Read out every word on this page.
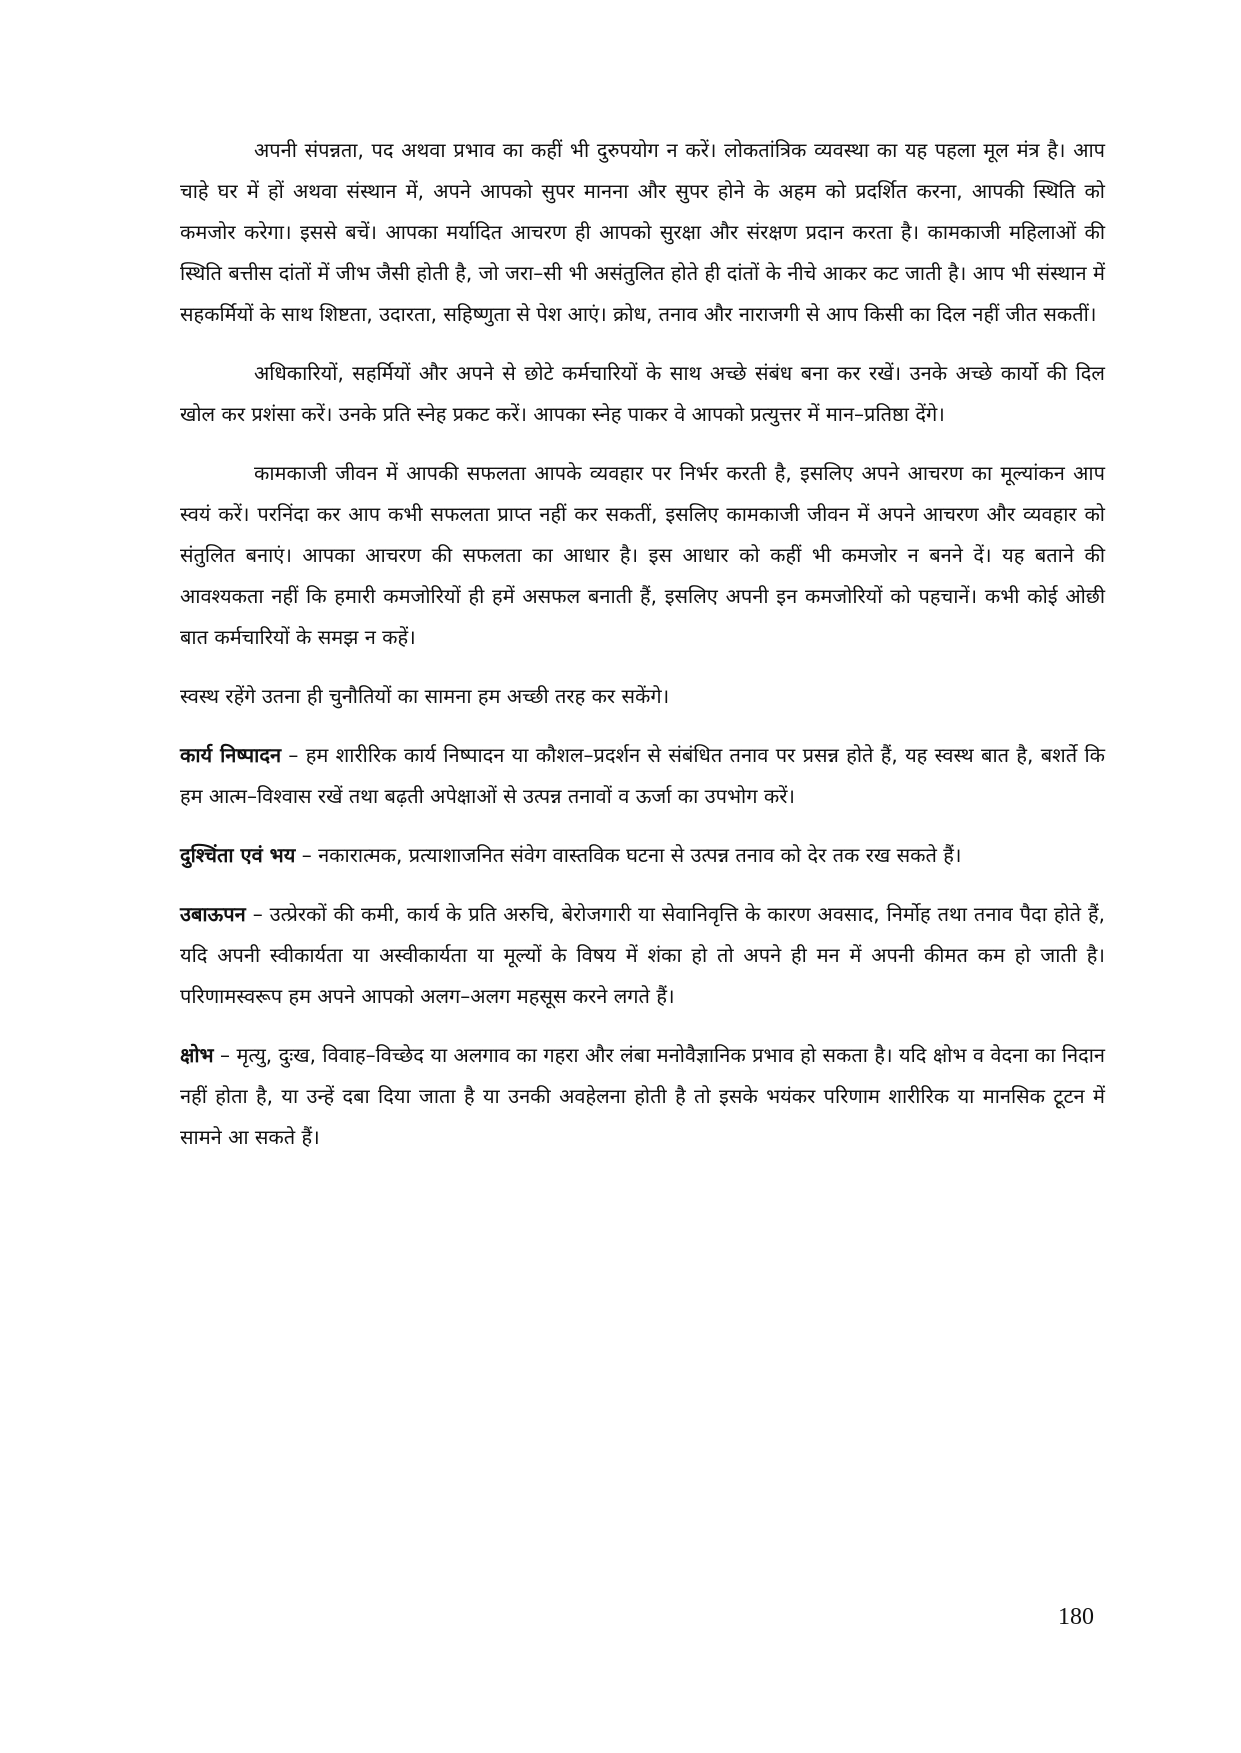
अपनी संपन्नता, पद अथवा प्रभाव का कहीं भी दुरुपयोग न करें। लोकतांत्रिक व्यवस्था का यह पहला मूल मंत्र है। आप चाहे घर में हों अथवा संस्थान में, अपने आपको सुपर मानना और सुपर होने के अहम को प्रदर्शित करना, आपकी स्थिति को कमजोर करेगा। इससे बचें। आपका मर्यादित आचरण ही आपको सुरक्षा और संरक्षण प्रदान करता है। कामकाजी महिलाओं की स्थिति बत्तीस दांतों में जीभ जैसी होती है, जो जरा–सी भी असंतुलित होते ही दांतों के नीचे आकर कट जाती है। आप भी संस्थान में सहकर्मियों के साथ शिष्टता, उदारता, सहिष्णुता से पेश आएं। क्रोध, तनाव और नाराजगी से आप किसी का दिल नहीं जीत सकतीं।

अधिकारियों, सहर्मियों और अपने से छोटे कर्मचारियों के साथ अच्छे संबंध बना कर रखें। उनके अच्छे कार्यो की दिल खोल कर प्रशंसा करें। उनके प्रति स्नेह प्रकट करें। आपका स्नेह पाकर वे आपको प्रत्युत्तर में मान–प्रतिष्ठा देंगे।

कामकाजी जीवन में आपकी सफलता आपके व्यवहार पर निर्भर करती है, इसलिए अपने आचरण का मूल्यांकन आप स्वयं करें। परनिंदा कर आप कभी सफलता प्राप्त नहीं कर सकतीं, इसलिए कामकाजी जीवन में अपने आचरण और व्यवहार को संतुलित बनाएं। आपका आचरण की सफलता का आधार है। इस आधार को कहीं भी कमजोर न बनने दें। यह बताने की आवश्यकता नहीं कि हमारी कमजोरियों ही हमें असफल बनाती हैं, इसलिए अपनी इन कमजोरियों को पहचानें। कभी कोई ओछी बात कर्मचारियों के समझ न कहें।

स्वस्थ रहेंगे उतना ही चुनौतियों का सामना हम अच्छी तरह कर सकेंगे।

कार्य निष्पादन – हम शारीरिक कार्य निष्पादन या कौशल–प्रदर्शन से संबंधित तनाव पर प्रसन्न होते हैं, यह स्वस्थ बात है, बशर्ते कि हम आत्म–विश्वास रखें तथा बढ़ती अपेक्षाओं से उत्पन्न तनावों व ऊर्जा का उपभोग करें।

दुश्चिंता एवं भय – नकारात्मक, प्रत्याशाजनित संवेग वास्तविक घटना से उत्पन्न तनाव को देर तक रख सकते हैं।

उबाऊपन – उत्प्रेरकों की कमी, कार्य के प्रति अरुचि, बेरोजगारी या सेवानिवृत्ति के कारण अवसाद, निर्मोह तथा तनाव पैदा होते हैं, यदि अपनी स्वीकार्यता या अस्वीकार्यता या मूल्यों के विषय में शंका हो तो अपने ही मन में अपनी कीमत कम हो जाती है। परिणामस्वरूप हम अपने आपको अलग–अलग महसूस करने लगते हैं।

क्षोभ – मृत्यु, दुःख, विवाह–विच्छेद या अलगाव का गहरा और लंबा मनोवैज्ञानिक प्रभाव हो सकता है। यदि क्षोभ व वेदना का निदान नहीं होता है, या उन्हें दबा दिया जाता है या उनकी अवहेलना होती है तो इसके भयंकर परिणाम शारीरिक या मानसिक टूटन में सामने आ सकते हैं।

180
